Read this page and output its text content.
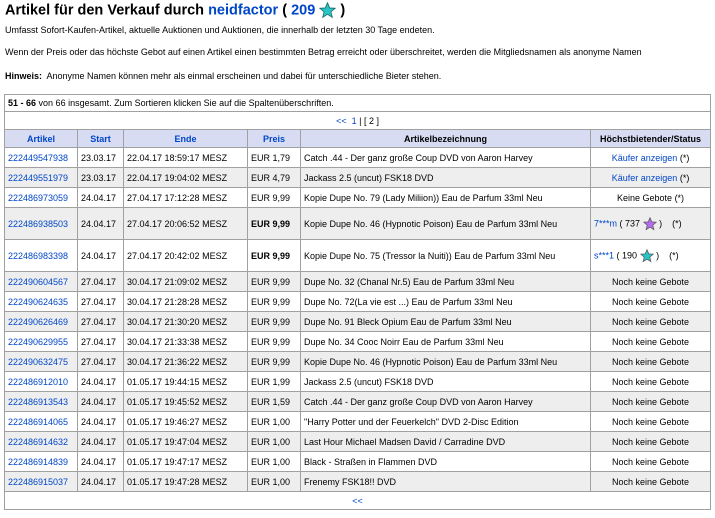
Artikel für den Verkauf durch neidfactor ( 209 )
Umfasst Sofort-Kaufen-Artikel, aktuelle Auktionen und Auktionen, die innerhalb der letzten 30 Tage endeten.
Wenn der Preis oder das höchste Gebot auf einen Artikel einen bestimmten Betrag erreicht oder überschreitet, werden die Mitgliedsnamen als anonyme Namen
Hinweis: Anonyme Namen können mehr als einmal erscheinen und dabei für unterschiedliche Bieter stehen.
51 - 66 von 66 insgesamt. Zum Sortieren klicken Sie auf die Spaltenüberschriften.					
<< 1 | [ 2 ]					
Artikel	Start	Ende	Preis	Artikelbezeichnung	Höchstbietender/Status
222449547938	23.03.17	22.04.17 18:59:17 MESZ	EUR 1,79	Catch .44 - Der ganz große Coup DVD von Aaron Harvey	Käufer anzeigen (*)
222449551979	23.03.17	22.04.17 19:04:02 MESZ	EUR 4,79	Jackass 2.5 (uncut) FSK18 DVD	Käufer anzeigen (*)
222486973059	24.04.17	27.04.17 17:12:28 MESZ	EUR 9,99	Kopie Dupe No. 79 (Lady Miliion)) Eau de Parfum 33ml Neu	Keine Gebote (*)
222486938503	24.04.17	27.04.17 20:06:52 MESZ	EUR 9,99	Kopie Dupe No. 46 (Hypnotic Poison) Eau de Parfum 33ml Neu	7***m ( 737 ) (*)
222486983398	24.04.17	27.04.17 20:42:02 MESZ	EUR 9,99	Kopie Dupe No. 75 (Tressor la Nuiti)) Eau de Parfum 33ml Neu	s***1 ( 190 ) (*)
222490604567	27.04.17	30.04.17 21:09:02 MESZ	EUR 9,99	Dupe No. 32 (Chanal Nr.5) Eau de Parfum 33ml Neu	Noch keine Gebote
222490624635	27.04.17	30.04.17 21:28:28 MESZ	EUR 9,99	Dupe No. 72(La vie est ...) Eau de Parfum 33ml Neu	Noch keine Gebote
222490626469	27.04.17	30.04.17 21:30:20 MESZ	EUR 9,99	Dupe No. 91 Bleck Opium Eau de Parfum 33ml Neu	Noch keine Gebote
222490629955	27.04.17	30.04.17 21:33:38 MESZ	EUR 9,99	Dupe No. 34 Cooc Noirr Eau de Parfum 33ml Neu	Noch keine Gebote
222490632475	27.04.17	30.04.17 21:36:22 MESZ	EUR 9,99	Kopie Dupe No. 46 (Hypnotic Poison) Eau de Parfum 33ml Neu	Noch keine Gebote
222486912010	24.04.17	01.05.17 19:44:15 MESZ	EUR 1,99	Jackass 2.5 (uncut) FSK18 DVD	Noch keine Gebote
222486913543	24.04.17	01.05.17 19:45:52 MESZ	EUR 1,59	Catch .44 - Der ganz große Coup DVD von Aaron Harvey	Noch keine Gebote
222486914065	24.04.17	01.05.17 19:46:27 MESZ	EUR 1,00	"Harry Potter und der Feuerkelch" DVD 2-Disc Edition	Noch keine Gebote
222486914632	24.04.17	01.05.17 19:47:04 MESZ	EUR 1,00	Last Hour Michael Madsen David / Carradine DVD	Noch keine Gebote
222486914839	24.04.17	01.05.17 19:47:17 MESZ	EUR 1,00	Black - Straßen in Flammen DVD	Noch keine Gebote
222486915037	24.04.17	01.05.17 19:47:28 MESZ	EUR 1,00	Frenemy FSK18!! DVD	Noch keine Gebote
<<					
